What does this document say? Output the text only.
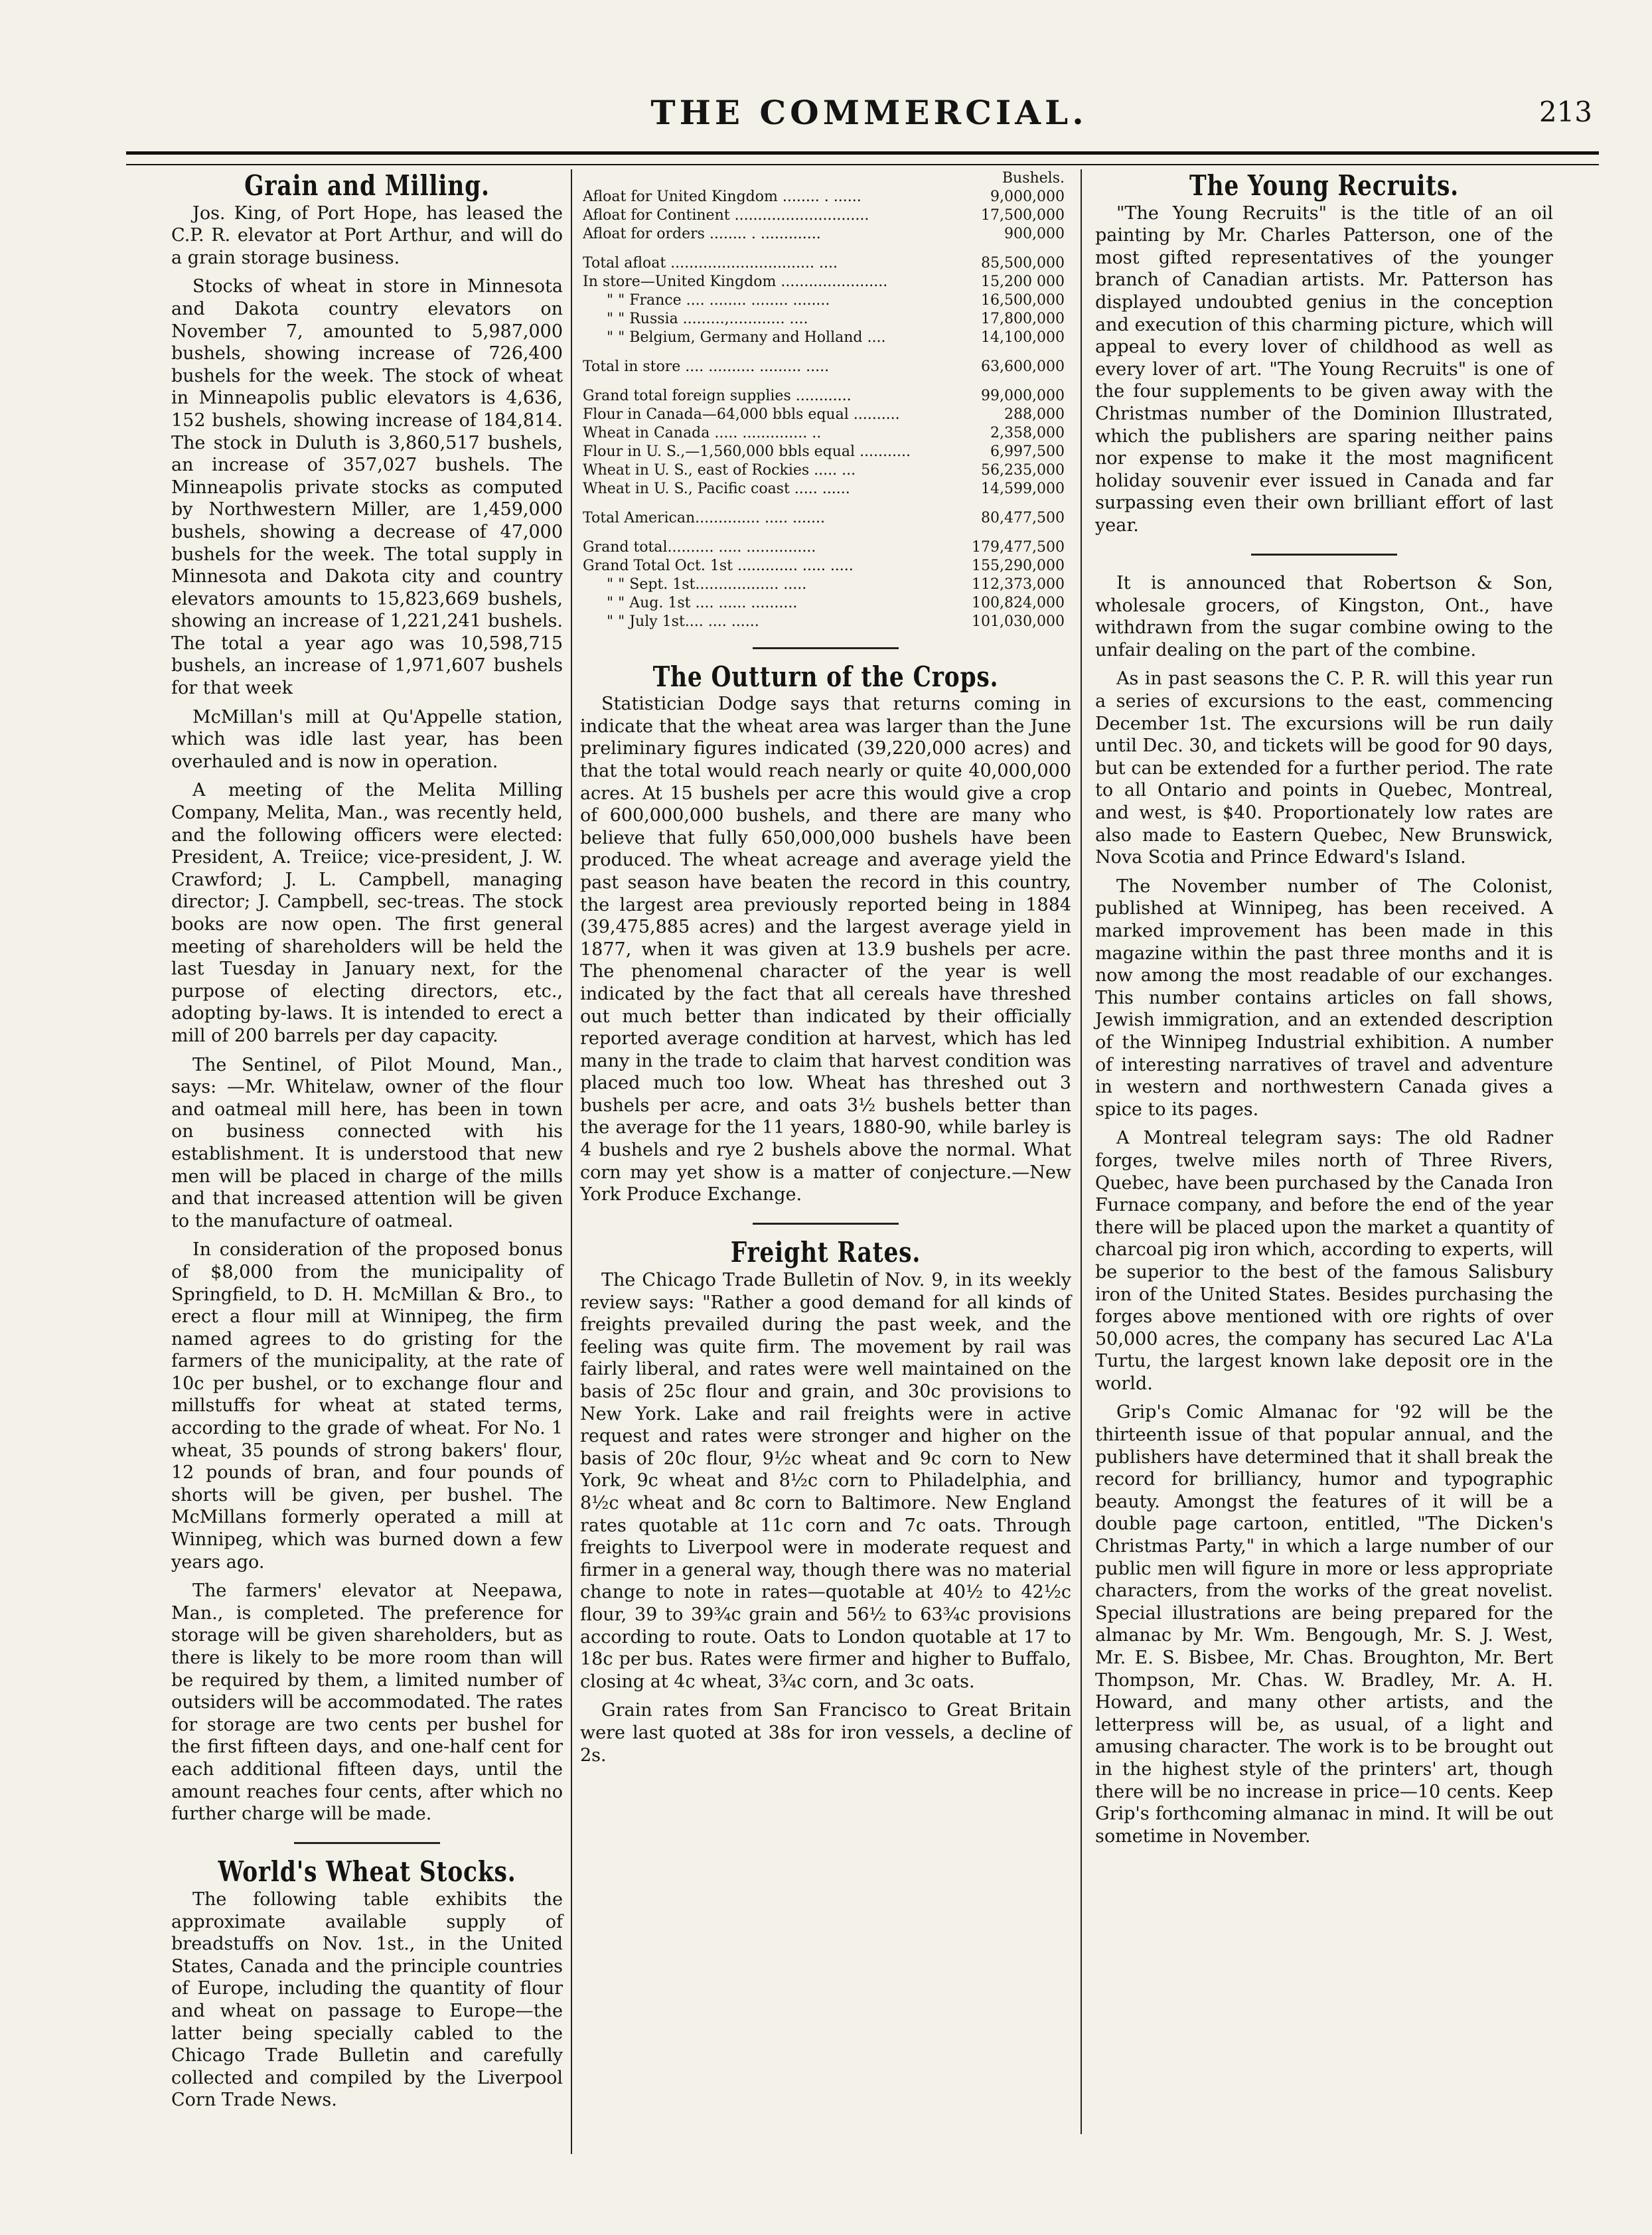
THE COMMERCIAL.	213
Grain and Milling.

Jos. King, of Port Hope, has leased the C.P. R. elevator at Port Arthur, and will do a grain storage business.

Stocks of wheat in store in Minnesota and Dakota country elevators on November 7, amounted to 5,987,000 bushels, showing increase of 726,400 bushels for the week. The stock of wheat in Minneapolis public elevators is 4,636, 152 bushels, showing increase of 184,814. The stock in Duluth is 3,860,517 bushels, an increase of 357,027 bushels. The Minneapolis private stocks as computed by Northwestern Miller, are 1,459,000 bushels, showing a decrease of 47,000 bushels for the week. The total supply in Minnesota and Dakota city and country elevators amounts to 15,823,669 bushels, showing an increase of 1,221,241 bushels. The total a year ago was 10,598,715 bushels, an increase of 1,971,607 bushels for that week

McMillan's mill at Qu'Appelle station, which was idle last year, has been overhauled and is now in operation.

A meeting of the Melita Milling Company, Melita, Man., was recently held, and the following officers were elected: President, A. Treiice; vice-president, J. W. Crawford; J. L. Campbell, managing director; J. Campbell, sec-treas. The stock books are now open. The first general meeting of shareholders will be held the last Tuesday in January next, for the purpose of electing directors, etc., adopting by-laws. It is intended to erect a mill of 200 barrels per day capacity.

The Sentinel, of Pilot Mound, Man., says: —Mr. Whitelaw, owner of the flour and oatmeal mill here, has been in town on business connected with his establishment. It is understood that new men will be placed in charge of the mills and that increased attention will be given to the manufacture of oatmeal.

In consideration of the proposed bonus of $8,000 from the municipality of Springfield, to D. H. McMillan & Bro., to erect a flour mill at Winnipeg, the firm named agrees to do gristing for the farmers of the municipality, at the rate of 10c per bushel, or to exchange flour and millstuffs for wheat at stated terms, according to the grade of wheat. For No. 1 wheat, 35 pounds of strong bakers' flour, 12 pounds of bran, and four pounds of shorts will be given, per bushel. The McMillans formerly operated a mill at Winnipeg, which was burned down a few years ago.

The farmers' elevator at Neepawa, Man., is completed. The preference for storage will be given shareholders, but as there is likely to be more room than will be required by them, a limited number of outsiders will be accommodated. The rates for storage are two cents per bushel for the first fifteen days, and one-half cent for each additional fifteen days, until the amount reaches four cents, after which no further charge will be made.

World's Wheat Stocks.

The following table exhibits the approximate available supply of breadstuffs on Nov. 1st., in the United States, Canada and the principle countries of Europe, including the quantity of flour and wheat on passage to Europe—the latter being specially cabled to the Chicago Trade Bulletin and carefully collected and compiled by the Liverpool Corn Trade News.

Bushels.
Afloat for United Kingdom ........ . ......	9,000,000
Afloat for Continent .............................	17,500,000
Afloat for orders ........ . .............	900,000
Total afloat ............................... ....	85,500,000
In store—United Kingdom .......................	15,200 000
" " France .... ........ ........ ........	16,500,000
" " Russia .........,............ ....	17,800,000
" " Belgium, Germany and Holland ....	14,100,000
Total in store .... .......... ......... .....	63,600,000
Grand total foreign supplies ............	99,000,000
Flour in Canada—64,000 bbls equal ..........	288,000
Wheat in Canada ..... .............. ..	2,358,000
Flour in U. S.,—1,560,000 bbls equal ...........	6,997,500
Wheat in U. S., east of Rockies ..... ...	56,235,000
Wheat in U. S., Pacific coast ..... ......	14,599,000
Total American.............. ..... .......	80,477,500
Grand total.......... ..... ...............	179,477,500
Grand Total Oct. 1st ............. ..... .....	155,290,000
" " Sept. 1st.................. .....	112,373,000
" " Aug. 1st .... ...... ..........	100,824,000
" " July 1st.... .... ......	101,030,000
The Outturn of the Crops.

Statistician Dodge says that returns coming in indicate that the wheat area was larger than the June preliminary figures indicated (39,220,000 acres) and that the total would reach nearly or quite 40,000,000 acres. At 15 bushels per acre this would give a crop of 600,000,000 bushels, and there are many who believe that fully 650,000,000 bushels have been produced. The wheat acreage and average yield the past season have beaten the record in this country, the largest area previously reported being in 1884 (39,475,885 acres) and the largest average yield in 1877, when it was given at 13.9 bushels per acre. The phenomenal character of the year is well indicated by the fact that all cereals have threshed out much better than indicated by their officially reported average condition at harvest, which has led many in the trade to claim that harvest condition was placed much too low. Wheat has threshed out 3 bushels per acre, and oats 3½ bushels better than the average for the 11 years, 1880-90, while barley is 4 bushels and rye 2 bushels above the normal. What corn may yet show is a matter of conjecture.—New York Produce Exchange.

Freight Rates.

The Chicago Trade Bulletin of Nov. 9, in its weekly review says: "Rather a good demand for all kinds of freights prevailed during the past week, and the feeling was quite firm. The movement by rail was fairly liberal, and rates were well maintained on the basis of 25c flour and grain, and 30c provisions to New York. Lake and rail freights were in active request and rates were stronger and higher on the basis of 20c flour, 9½c wheat and 9c corn to New York, 9c wheat and 8½c corn to Philadelphia, and 8½c wheat and 8c corn to Baltimore. New England rates quotable at 11c corn and 7c oats. Through freights to Liverpool were in moderate request and firmer in a general way, though there was no material change to note in rates—quotable at 40½ to 42½c flour, 39 to 39¾c grain and 56½ to 63¾c provisions according to route. Oats to London quotable at 17 to 18c per bus. Rates were firmer and higher to Buffalo, closing at 4c wheat, 3¾c corn, and 3c oats.

Grain rates from San Francisco to Great Britain were last quoted at 38s for iron vessels, a decline of 2s.

The Young Recruits.

"The Young Recruits" is the title of an oil painting by Mr. Charles Patterson, one of the most gifted representatives of the younger branch of Canadian artists. Mr. Patterson has displayed undoubted genius in the conception and execution of this charming picture, which will appeal to every lover of childhood as well as every lover of art. "The Young Recruits" is one of the four supplements to be given away with the Christmas number of the Dominion Illustrated, which the publishers are sparing neither pains nor expense to make it the most magnificent holiday souvenir ever issued in Canada and far surpassing even their own brilliant effort of last year.

It is announced that Robertson & Son, wholesale grocers, of Kingston, Ont., have withdrawn from the sugar combine owing to the unfair dealing on the part of the combine.

As in past seasons the C. P. R. will this year run a series of excursions to the east, commencing December 1st. The excursions will be run daily until Dec. 30, and tickets will be good for 90 days, but can be extended for a further period. The rate to all Ontario and points in Quebec, Montreal, and west, is $40. Proportionately low rates are also made to Eastern Quebec, New Brunswick, Nova Scotia and Prince Edward's Island.

The November number of The Colonist, published at Winnipeg, has been received. A marked improvement has been made in this magazine within the past three months and it is now among the most readable of our exchanges. This number contains articles on fall shows, Jewish immigration, and an extended description of the Winnipeg Industrial exhibition. A number of interesting narratives of travel and adventure in western and northwestern Canada gives a spice to its pages.

A Montreal telegram says: The old Radner forges, twelve miles north of Three Rivers, Quebec, have been purchased by the Canada Iron Furnace company, and before the end of the year there will be placed upon the market a quantity of charcoal pig iron which, according to experts, will be superior to the best of the famous Salisbury iron of the United States. Besides purchasing the forges above mentioned with ore rights of over 50,000 acres, the company has secured Lac A'La Turtu, the largest known lake deposit ore in the world.

Grip's Comic Almanac for '92 will be the thirteenth issue of that popular annual, and the publishers have determined that it shall break the record for brilliancy, humor and typographic beauty. Amongst the features of it will be a double page cartoon, entitled, "The Dicken's Christmas Party," in which a large number of our public men will figure in more or less appropriate characters, from the works of the great novelist. Special illustrations are being prepared for the almanac by Mr. Wm. Bengough, Mr. S. J. West, Mr. E. S. Bisbee, Mr. Chas. Broughton, Mr. Bert Thompson, Mr. Chas. W. Bradley, Mr. A. H. Howard, and many other artists, and the letterpress will be, as usual, of a light and amusing character. The work is to be brought out in the highest style of the printers' art, though there will be no increase in price—10 cents. Keep Grip's forthcoming almanac in mind. It will be out sometime in November.
